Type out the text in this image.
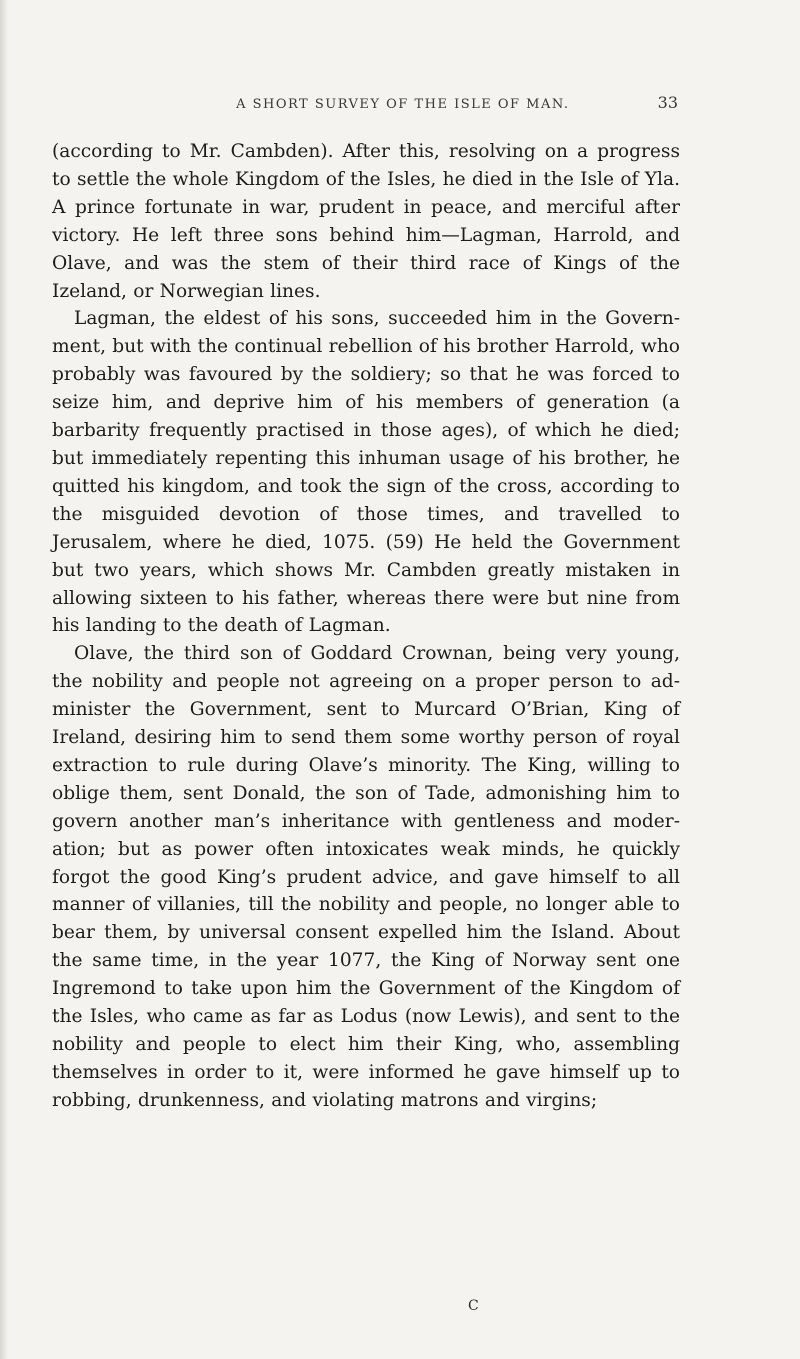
A SHORT SURVEY OF THE ISLE OF MAN.	33

(according to Mr. Cambden). After this, resolving on a progress to settle the whole Kingdom of the Isles, he died in the Isle of Yla. A prince fortunate in war, prudent in peace, and merciful after victory. He left three sons behind him—Lagman, Harrold, and Olave, and was the stem of their third race of Kings of the Izeland, or Norwegian lines.

Lagman, the eldest of his sons, succeeded him in the Government, but with the continual rebellion of his brother Harrold, who probably was favoured by the soldiery; so that he was forced to seize him, and deprive him of his members of generation (a barbarity frequently practised in those ages), of which he died; but immediately repenting this inhuman usage of his brother, he quitted his kingdom, and took the sign of the cross, according to the misguided devotion of those times, and travelled to Jerusalem, where he died, 1075. (59) He held the Government but two years, which shows Mr. Cambden greatly mistaken in allowing sixteen to his father, whereas there were but nine from his landing to the death of Lagman.

Olave, the third son of Goddard Crownan, being very young, the nobility and people not agreeing on a proper person to administer the Government, sent to Murcard O’Brian, King of Ireland, desiring him to send them some worthy person of royal extraction to rule during Olave’s minority. The King, willing to oblige them, sent Donald, the son of Tade, admonishing him to govern another man’s inheritance with gentleness and moderation; but as power often intoxicates weak minds, he quickly forgot the good King’s prudent advice, and gave himself to all manner of villanies, till the nobility and people, no longer able to bear them, by universal consent expelled him the Island. About the same time, in the year 1077, the King of Norway sent one Ingremond to take upon him the Government of the Kingdom of the Isles, who came as far as Lodus (now Lewis), and sent to the nobility and people to elect him their King, who, assembling themselves in order to it, were informed he gave himself up to robbing, drunkenness, and violating matrons and virgins;

C
